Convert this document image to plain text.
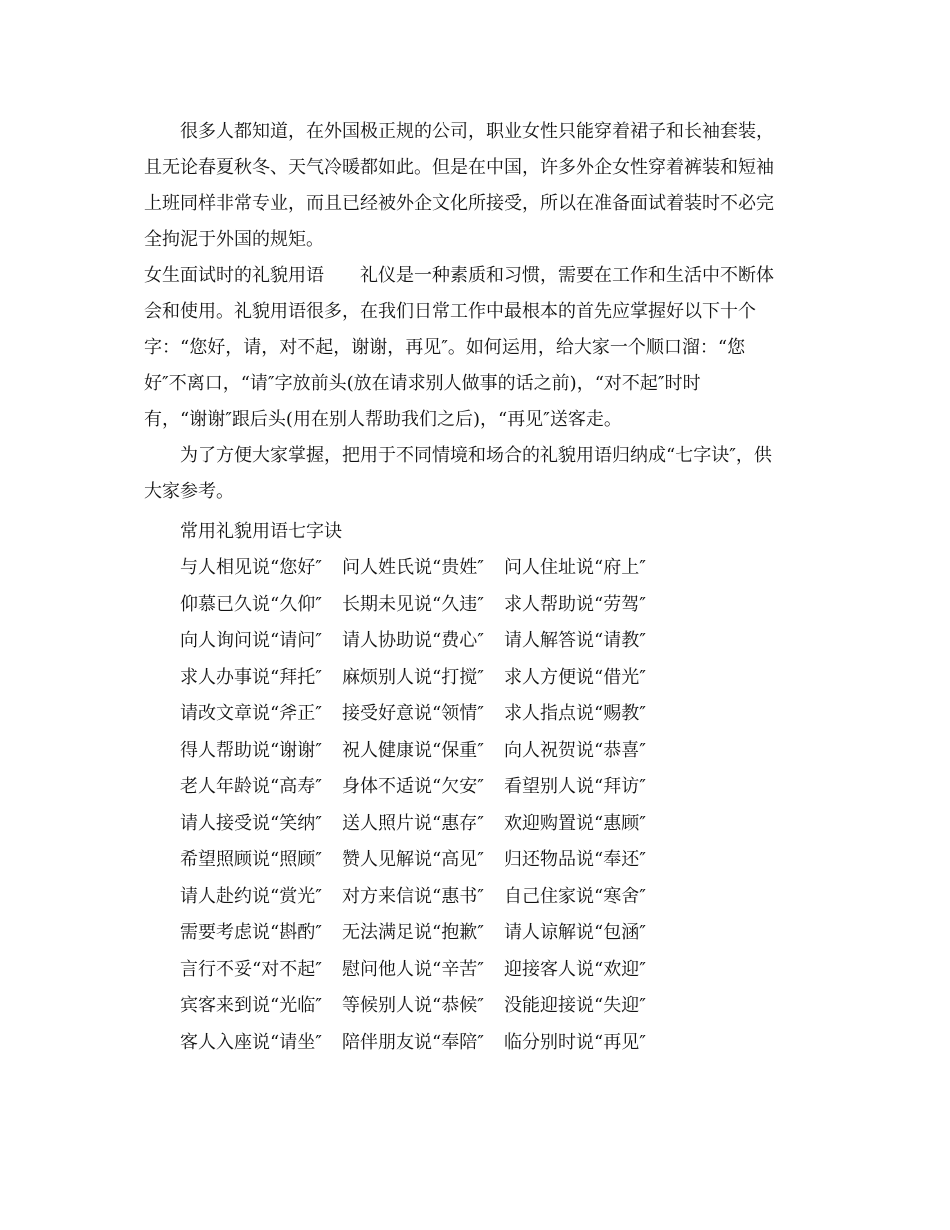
很多人都知道，在外国极正规的公司，职业女性只能穿着裙子和长袖套装，
且无论春夏秋冬、天气冷暖都如此。但是在中国，许多外企女性穿着裤装和短袖
上班同样非常专业，而且已经被外企文化所接受，所以在准备面试着装时不必完
全拘泥于外国的规矩。
女生面试时的礼貌用语　　礼仪是一种素质和习惯，需要在工作和生活中不断体
会和使用。礼貌用语很多，在我们日常工作中最根本的首先应掌握好以下十个
字：“您好，请，对不起，谢谢，再见″。如何运用，给大家一个顺口溜：“您
好″不离口，“请″字放前头(放在请求别人做事的话之前)，“对不起″时时
有，“谢谢″跟后头(用在别人帮助我们之后)，“再见″送客走。
为了方便大家掌握，把用于不同情境和场合的礼貌用语归纳成“七字诀″，供
大家参考。
常用礼貌用语七字诀
与人相见说“您好″ 问人姓氏说“贵姓″ 问人住址说“府上″
仰慕已久说“久仰″ 长期未见说“久违″ 求人帮助说“劳驾″
向人询问说“请问″ 请人协助说“费心″ 请人解答说“请教″
求人办事说“拜托″ 麻烦别人说“打搅″ 求人方便说“借光″
请改文章说“斧正″ 接受好意说“领情″ 求人指点说“赐教″
得人帮助说“谢谢″ 祝人健康说“保重″ 向人祝贺说“恭喜″
老人年龄说“高寿″ 身体不适说“欠安″ 看望别人说“拜访″
请人接受说“笑纳″ 送人照片说“惠存″ 欢迎购置说“惠顾″
希望照顾说“照顾″ 赞人见解说“高见″ 归还物品说“奉还″
请人赴约说“赏光″ 对方来信说“惠书″ 自己住家说“寒舍″
需要考虑说“斟酌″ 无法满足说“抱歉″ 请人谅解说“包涵″
言行不妥“对不起″ 慰问他人说“辛苦″ 迎接客人说“欢迎″
宾客来到说“光临″ 等候别人说“恭候″ 没能迎接说“失迎″
客人入座说“请坐″ 陪伴朋友说“奉陪″ 临分别时说“再见″
